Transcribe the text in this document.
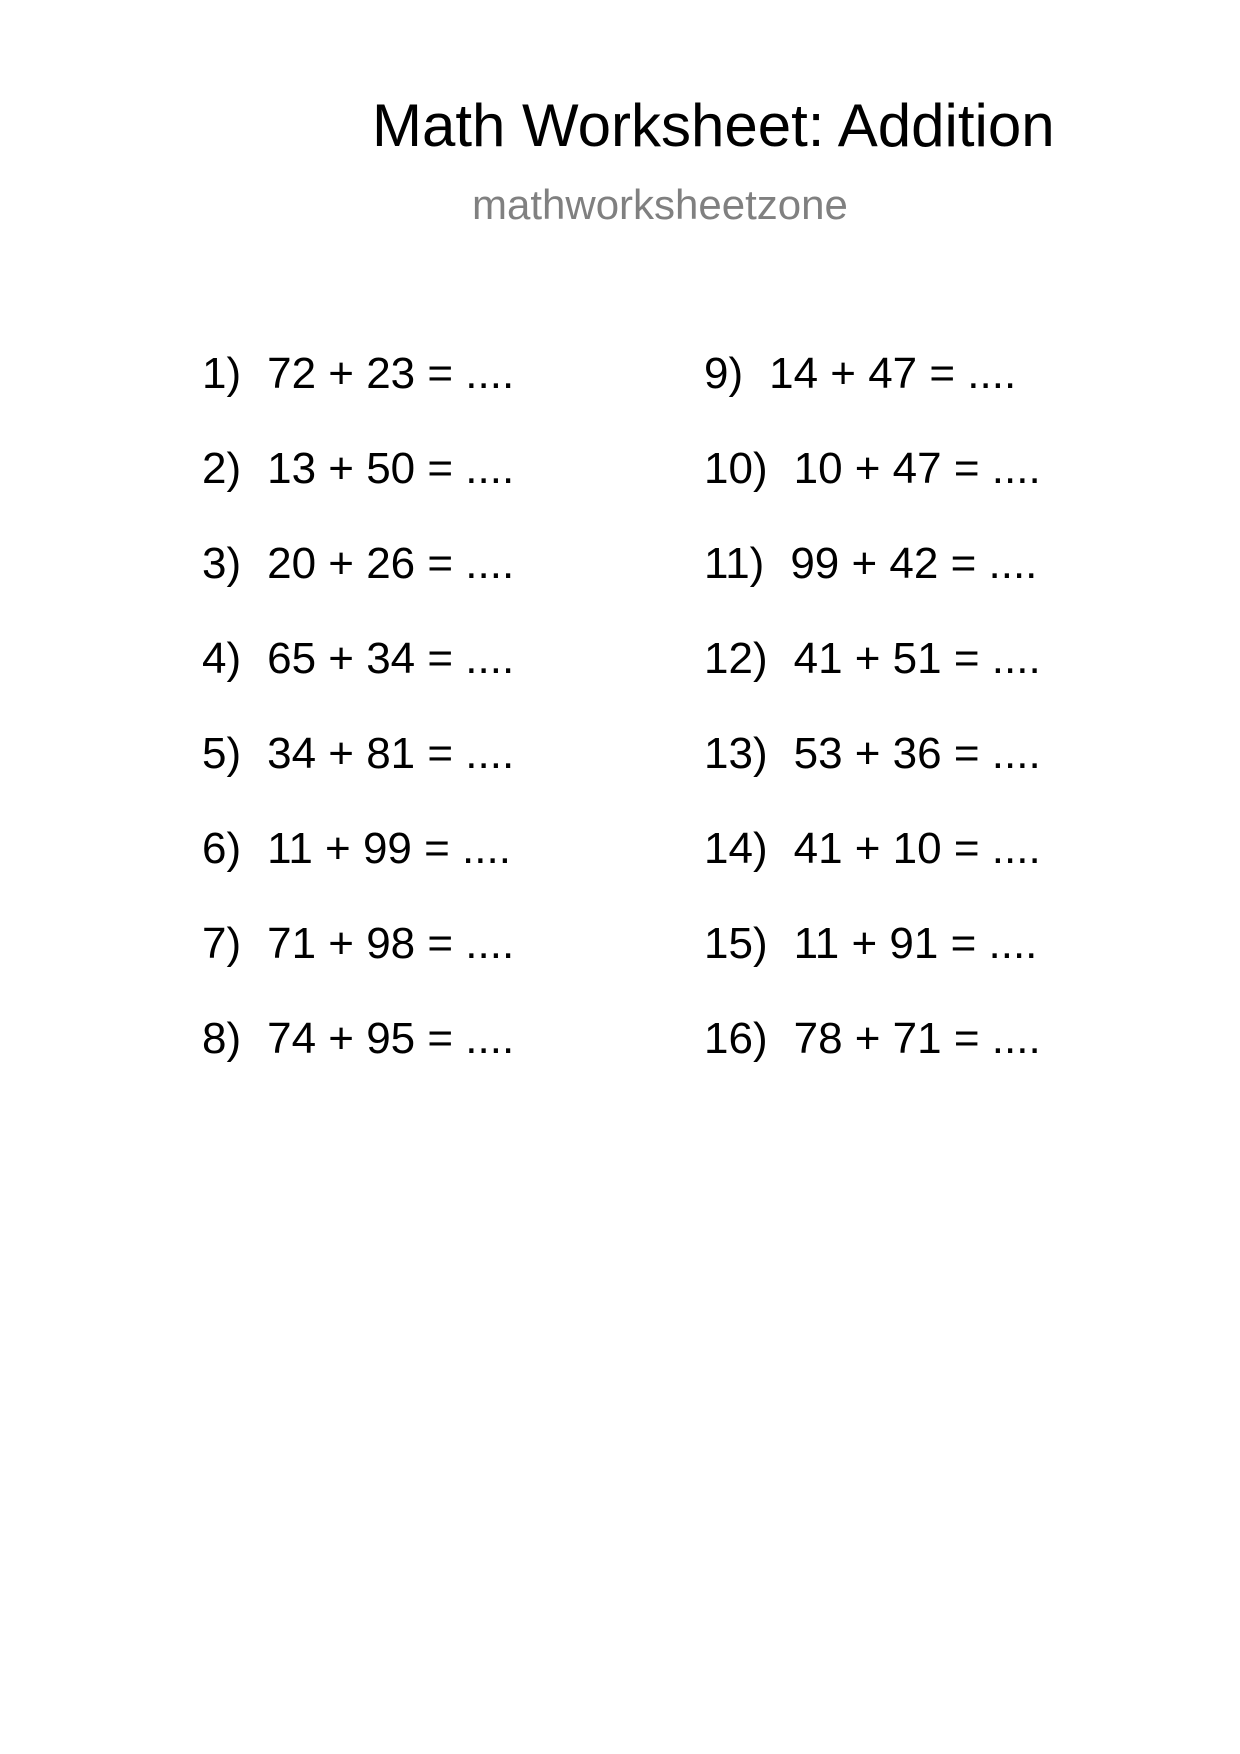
Math Worksheet: Addition
mathworksheetzone
1) 72 + 23 = ....
2) 13 + 50 = ....
3) 20 + 26 = ....
4) 65 + 34 = ....
5) 34 + 81 = ....
6) 11 + 99 = ....
7) 71 + 98 = ....
8) 74 + 95 = ....
9) 14 + 47 = ....
10) 10 + 47 = ....
11) 99 + 42 = ....
12) 41 + 51 = ....
13) 53 + 36 = ....
14) 41 + 10 = ....
15) 11 + 91 = ....
16) 78 + 71 = ....
